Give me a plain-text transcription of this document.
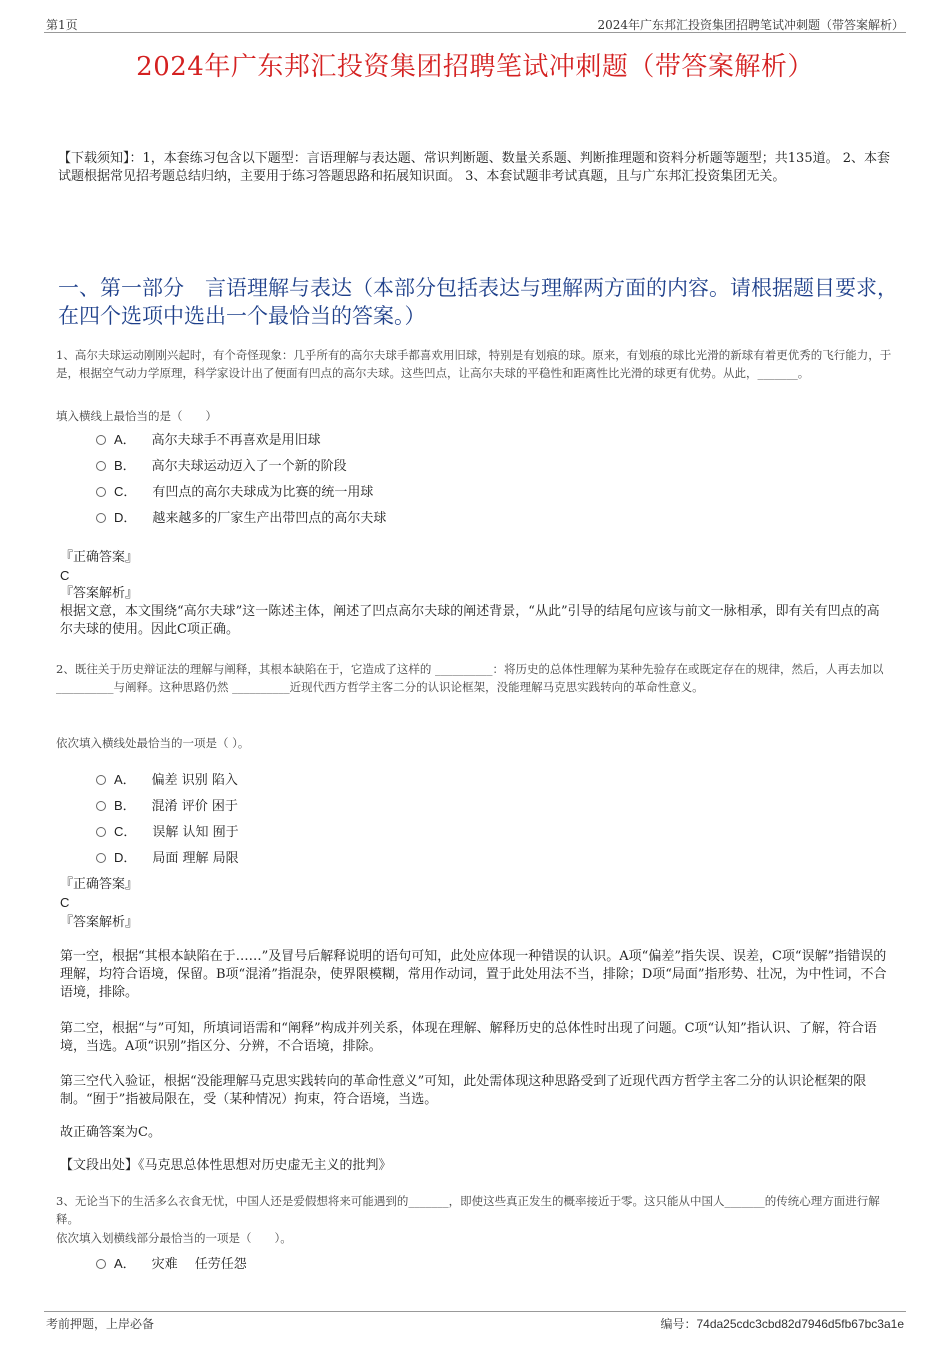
第1页	2024年广东邦汇投资集团招聘笔试冲刺题（带答案解析）
2024年广东邦汇投资集团招聘笔试冲刺题（带答案解析）
【下载须知】：1，本套练习包含以下题型：言语理解与表达题、常识判断题、数量关系题、判断推理题和资料分析题等题型；共135道。 2、本套试题根据常见招考题总结归纳，主要用于练习答题思路和拓展知识面。 3、本套试题非考试真题，且与广东邦汇投资集团无关。
一、第一部分　言语理解与表达（本部分包括表达与理解两方面的内容。请根据题目要求，在四个选项中选出一个最恰当的答案。）
1、高尔夫球运动刚刚兴起时，有个奇怪现象：几乎所有的高尔夫球手都喜欢用旧球，特别是有划痕的球。原来，有划痕的球比光滑的新球有着更优秀的飞行能力，于是，根据空气动力学原理，科学家设计出了便面有凹点的高尔夫球。这些凹点，让高尔夫球的平稳性和距离性比光滑的球更有优势。从此，_______。
填入横线上最恰当的是（　　）
A． 高尔夫球手不再喜欢是用旧球
B． 高尔夫球运动迈入了一个新的阶段
C． 有凹点的高尔夫球成为比赛的统一用球
D． 越来越多的厂家生产出带凹点的高尔夫球
『正确答案』
C
『答案解析』
根据文意，本文围绕“高尔夫球”这一陈述主体，阐述了凹点高尔夫球的阐述背景，“从此”引导的结尾句应该与前文一脉相承，即有关有凹点的高尔夫球的使用。因此C项正确。
2、既往关于历史辩证法的理解与阐释，其根本缺陷在于，它造成了这样的 __________：将历史的总体性理解为某种先验存在或既定存在的规律，然后，人再去加以 __________与阐释。这种思路仍然 __________近现代西方哲学主客二分的认识论框架，没能理解马克思实践转向的革命性意义。
依次填入横线处最恰当的一项是（ ）。
A． 偏差 识别 陷入
B． 混淆 评价 困于
C． 误解 认知 囿于
D． 局面 理解 局限
『正确答案』
C
『答案解析』
第一空，根据“其根本缺陷在于……”及冒号后解释说明的语句可知，此处应体现一种错误的认识。A项“偏差”指失误、误差，C项“误解”指错误的理解，均符合语境，保留。B项“混淆”指混杂，使界限模糊，常用作动词，置于此处用法不当，排除；D项“局面”指形势、壮况，为中性词，不合语境，排除。
第二空，根据“与”可知，所填词语需和“阐释”构成并列关系，体现在理解、解释历史的总体性时出现了问题。C项“认知”指认识、了解，符合语境，当选。A项“识别”指区分、分辨，不合语境，排除。
第三空代入验证，根据“没能理解马克思实践转向的革命性意义”可知，此处需体现这种思路受到了近现代西方哲学主客二分的认识论框架的限制。“囿于”指被局限在，受（某种情况）拘束，符合语境，当选。
故正确答案为C。
【文段出处】《马克思总体性思想对历史虚无主义的批判》
3、无论当下的生活多么衣食无忧，中国人还是爱假想将来可能遇到的_______，即使这些真正发生的概率接近于零。这只能从中国人_______的传统心理方面进行解释。
依次填入划横线部分最恰当的一项是（　　）。
A． 灾难　 任劳任怨
考前押题，上岸必备	编号：74da25cdc3cbd82d7946d5fb67bc3a1e
